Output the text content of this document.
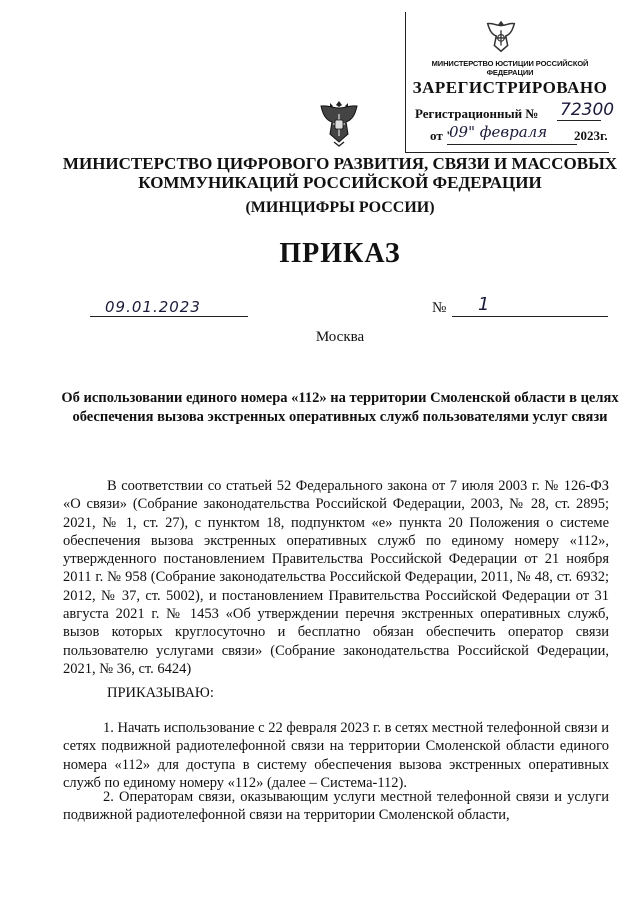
МИНИСТЕРСТВО ЮСТИЦИИ РОССИЙСКОЙ ФЕДЕРАЦИИ
ЗАРЕГИСТРИРОВАНО
Регистрационный № 72300
от "
09" февраля 2023г.
МИНИСТЕРСТВО ЦИФРОВОГО РАЗВИТИЯ, СВЯЗИ И МАССОВЫХ КОММУНИКАЦИЙ РОССИЙСКОЙ ФЕДЕРАЦИИ
(МИНЦИФРЫ РОССИИ)
ПРИКАЗ
09.01.2023	№ 1
Москва
Об использовании единого номера «112» на территории Смоленской области в целях обеспечения вызова экстренных оперативных служб пользователями услуг связи
В соответствии со статьей 52 Федерального закона от 7 июля 2003 г. № 126-ФЗ «О связи» (Собрание законодательства Российской Федерации, 2003, № 28, ст. 2895; 2021, № 1, ст. 27), с пунктом 18, подпунктом «е» пункта 20 Положения о системе обеспечения вызова экстренных оперативных служб по единому номеру «112», утвержденного постановлением Правительства Российской Федерации от 21 ноября 2011 г. № 958 (Собрание законодательства Российской Федерации, 2011, № 48, ст. 6932; 2012, № 37, ст. 5002), и постановлением Правительства Российской Федерации от 31 августа 2021 г. № 1453 «Об утверждении перечня экстренных оперативных служб, вызов которых круглосуточно и бесплатно обязан обеспечить оператор связи пользователю услугами связи» (Собрание законодательства Российской Федерации, 2021, № 36, ст. 6424)
ПРИКАЗЫВАЮ:
1. Начать использование с 22 февраля 2023 г. в сетях местной телефонной связи и сетях подвижной радиотелефонной связи на территории Смоленской области единого номера «112» для доступа в систему обеспечения вызова экстренных оперативных служб по единому номеру «112» (далее – Система-112).
2. Операторам связи, оказывающим услуги местной телефонной связи и услуги подвижной радиотелефонной связи на территории Смоленской области,
